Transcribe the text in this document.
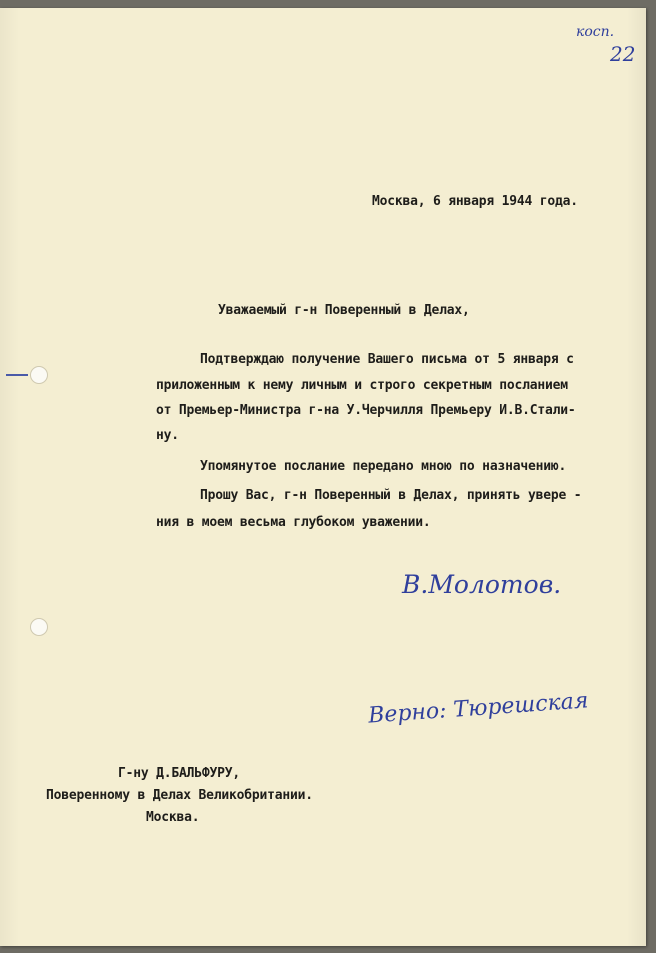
косп.
22
Москва, 6 января 1944 года.
Уважаемый г-н Поверенный в Делах,
Подтверждаю получение Вашего письма от 5 января с
приложенным к нему личным и строго секретным посланием
от Премьер-Министра г-на У.Черчилля Премьеру И.В.Стали-
ну.
Упомянутое послание передано мною по назначению.
Прошу Вас, г-н Поверенный в Делах, принять увере -
ния в моем весьма глубоком уважении.
В.Молотов.
Верно: Тюрешская
Г-ну Д.БАЛЬФУРУ,
Поверенному в Делах Великобритании.
Москва.
